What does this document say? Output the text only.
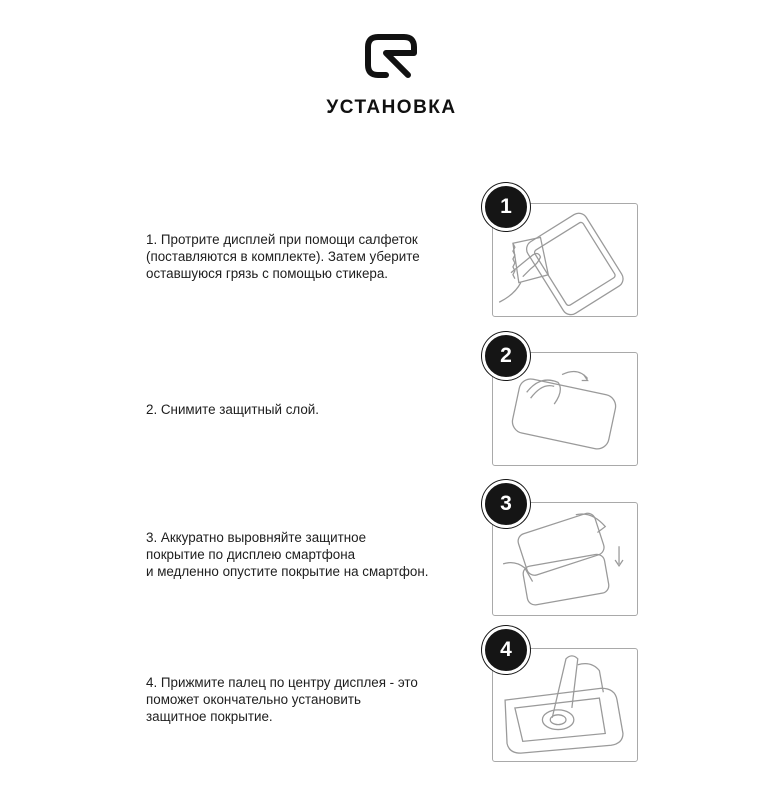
УСТАНОВКА
1. Протрите дисплей при помощи салфеток
(поставляются в комплекте). Затем уберите
оставшуюся грязь с помощью стикера.
1
2. Снимите защитный слой.
2
3. Аккуратно выровняйте защитное
покрытие по дисплею смартфона
и медленно опустите покрытие на смартфон.
3
4. Прижмите палец по центру дисплея - это
поможет окончательно установить
защитное покрытие.
4
